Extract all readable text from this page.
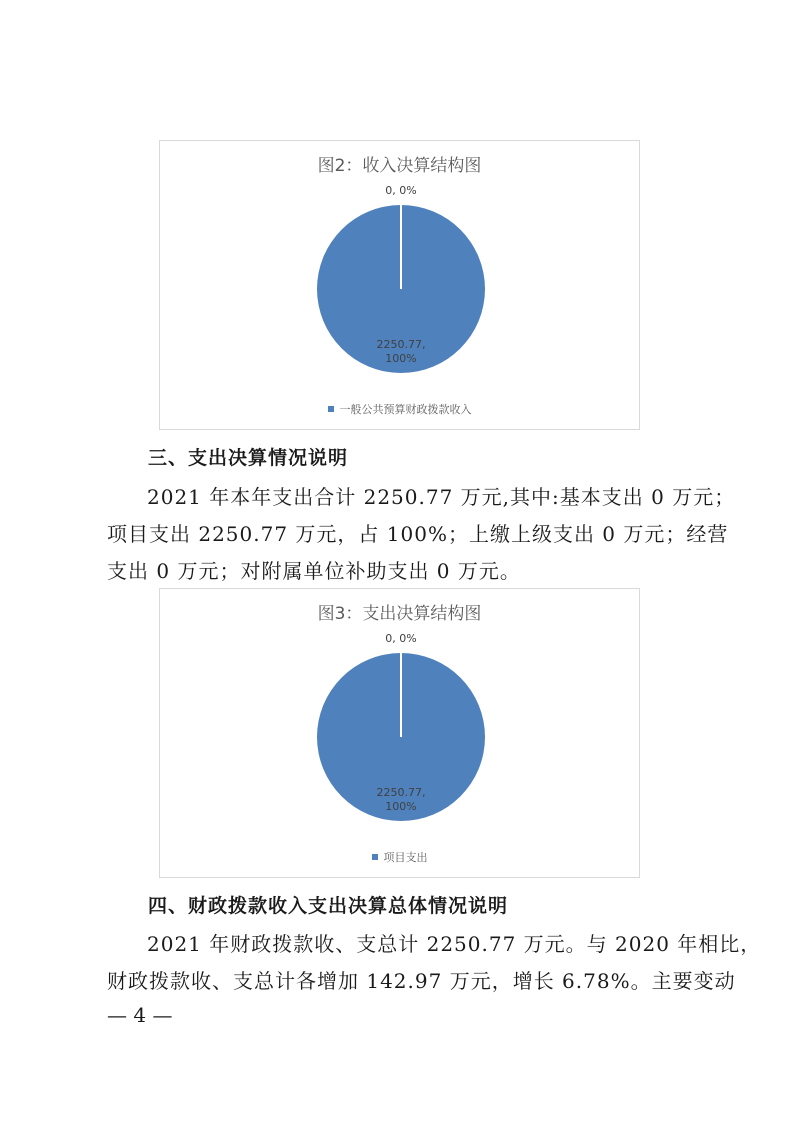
图2：收入决算结构图
0, 0%
2250.77,
100%
一般公共预算财政拨款收入
三、支出决算情况说明
2021 年本年支出合计 2250.77 万元,其中:基本支出 0 万元；
项目支出 2250.77 万元，占 100%；上缴上级支出 0 万元；经营
支出 0 万元；对附属单位补助支出 0 万元。
图3：支出决算结构图
0, 0%
2250.77,
100%
项目支出
四、财政拨款收入支出决算总体情况说明
2021 年财政拨款收、支总计 2250.77 万元。与 2020 年相比，
财政拨款收、支总计各增加 142.97 万元，增长 6.78%。主要变动
— 4 —
